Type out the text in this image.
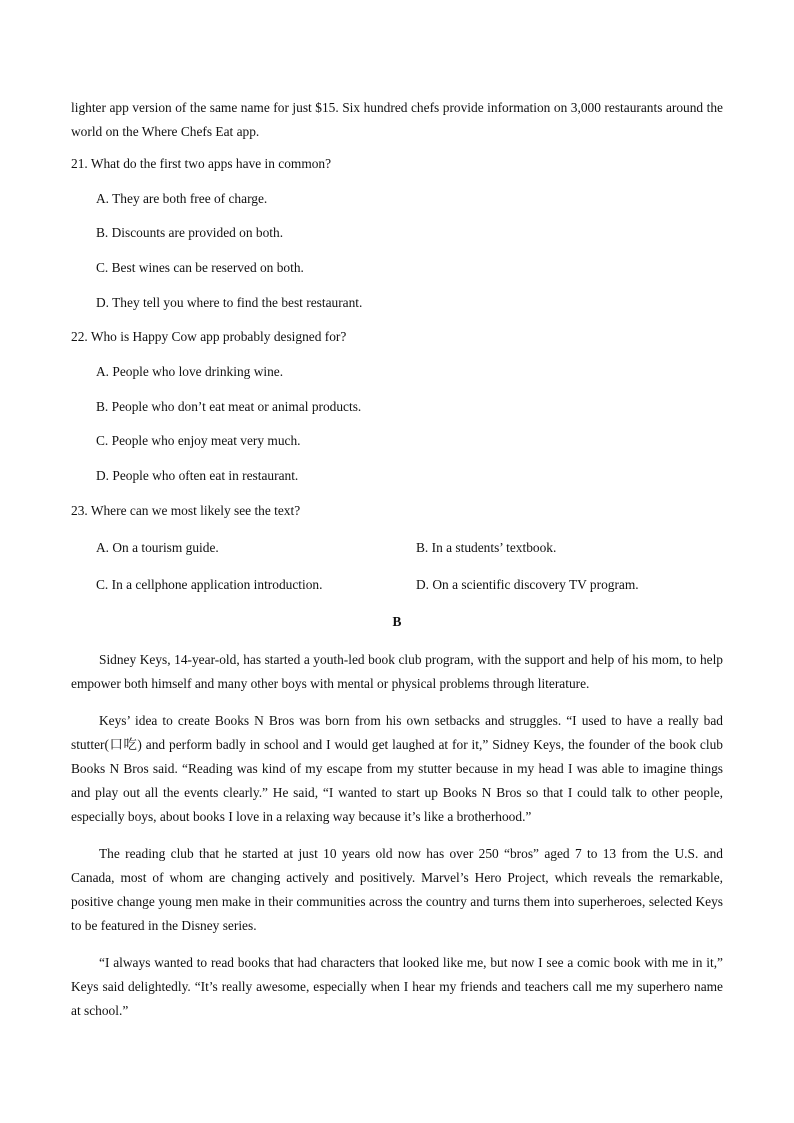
lighter app version of the same name for just $15. Six hundred chefs provide information on 3,000 restaurants around the world on the Where Chefs Eat app.
21. What do the first two apps have in common?
A. They are both free of charge.
B. Discounts are provided on both.
C. Best wines can be reserved on both.
D. They tell you where to find the best restaurant.
22. Who is Happy Cow app probably designed for?
A. People who love drinking wine.
B. People who don’t eat meat or animal products.
C. People who enjoy meat very much.
D. People who often eat in restaurant.
23. Where can we most likely see the text?
A. On a tourism guide.	B. In a students’ textbook.
C. In a cellphone application introduction.	D. On a scientific discovery TV program.
B
Sidney Keys, 14-year-old, has started a youth-led book club program, with the support and help of his mom, to help empower both himself and many other boys with mental or physical problems through literature.
Keys’ idea to create Books N Bros was born from his own setbacks and struggles. “I used to have a really bad stutter(口吃) and perform badly in school and I would get laughed at for it,” Sidney Keys, the founder of the book club Books N Bros said. “Reading was kind of my escape from my stutter because in my head I was able to imagine things and play out all the events clearly.” He said, “I wanted to start up Books N Bros so that I could talk to other people, especially boys, about books I love in a relaxing way because it’s like a brotherhood.”
The reading club that he started at just 10 years old now has over 250 “bros” aged 7 to 13 from the U.S. and Canada, most of whom are changing actively and positively. Marvel’s Hero Project, which reveals the remarkable, positive change young men make in their communities across the country and turns them into superheroes, selected Keys to be featured in the Disney series.
“I always wanted to read books that had characters that looked like me, but now I see a comic book with me in it,” Keys said delightedly. “It’s really awesome, especially when I hear my friends and teachers call me my superhero name at school.”
